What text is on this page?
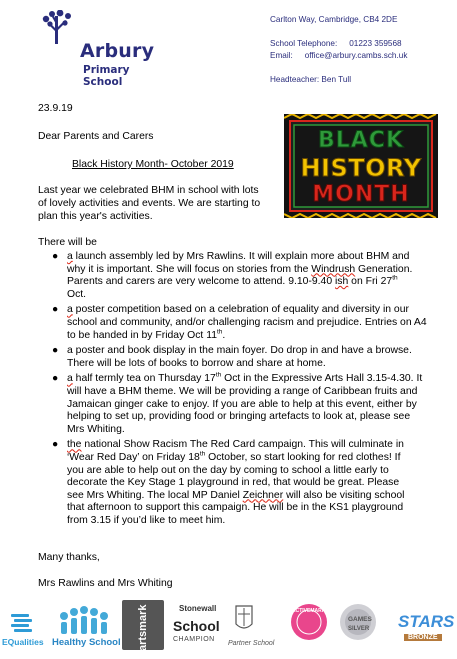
Arbury
Primary School
Carlton Way, Cambridge, CB4 2DE
School Telephone: 01223 359568
Email: office@arbury.cambs.sch.uk
Headteacher: Ben Tull
23.9.19
Dear Parents and Carers
Black History Month- October 2019
Last year we celebrated BHM in school with lots of lovely activities and events. We are starting to plan this year's activities.
There will be
● a launch assembly led by Mrs Rawlins. It will explain more about BHM and why it is important. She will focus on stories from the Windrush Generation. Parents and carers are very welcome to attend. 9.10-9.40 ish on Fri 27th Oct.
● a poster competition based on a celebration of equality and diversity in our school and community, and/or challenging racism and prejudice. Entries on A4 to be handed in by Friday Oct 11th.
● a poster and book display in the main foyer. Do drop in and have a browse. There will be lots of books to borrow and share at home.
● a half termly tea on Thursday 17th Oct in the Expressive Arts Hall 3.15-4.30. It will have a BHM theme. We will be providing a range of Caribbean fruits and Jamaican ginger cake to enjoy. If you are able to help at this event, either by helping to set up, providing food or bringing artefacts to look at, please see Mrs Whiting.
● the national Show Racism The Red Card campaign. This will culminate in ‘Wear Red Day’ on Friday 18th October, so start looking for red clothes! If you are able to help out on the day by coming to school a little early to decorate the Key Stage 1 playground in red, that would be great. Please see Mrs Whiting. The local MP Daniel Zeichner will also be visiting school that afternoon to support this campaign. He will be in the KS1 playground from 3.15 if you’d like to meet him.
Many thanks,
Mrs Rawlins and Mrs Whiting
BLACK
HISTORY
MONTH
EQualities Healthy School artsmark	Stonewall
School
CHAMPION
Partner School
ACTIVEMARK
GAMES
SILVER STARS
BRONZE
